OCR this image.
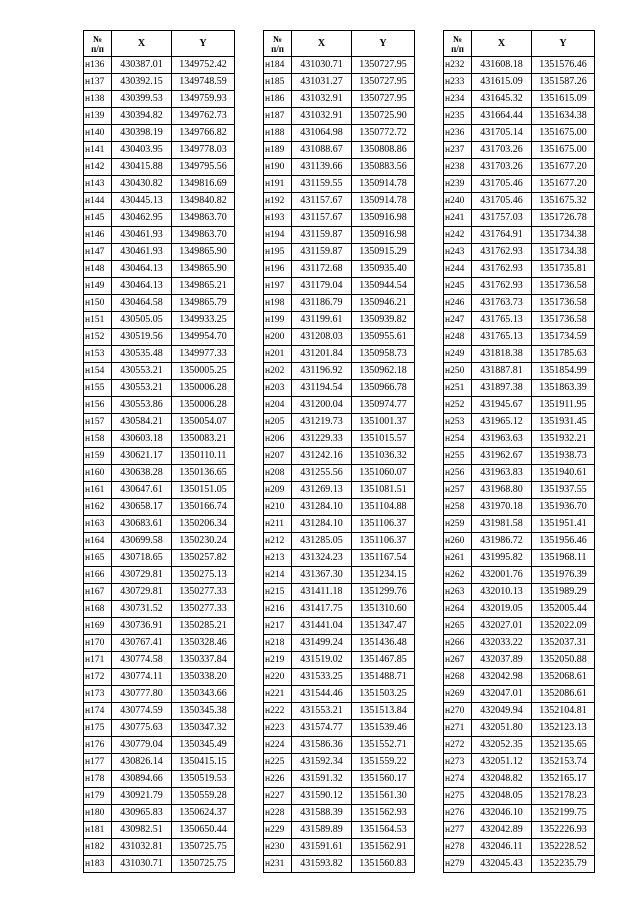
№
п/п	X	Y
н136	430387.01	1349752.42
н137	430392.15	1349748.59
н138	430399.53	1349759.93
н139	430394.82	1349762.73
н140	430398.19	1349766.82
н141	430403.95	1349778.03
н142	430415.88	1349795.56
н143	430430.82	1349816.69
н144	430445.13	1349840.82
н145	430462.95	1349863.70
н146	430461.93	1349863.70
н147	430461.93	1349865.90
н148	430464.13	1349865.90
н149	430464.13	1349865.21
н150	430464.58	1349865.79
н151	430505.05	1349933.25
н152	430519.56	1349954.70
н153	430535.48	1349977.33
н154	430553.21	1350005.25
н155	430553.21	1350006.28
н156	430553.86	1350006.28
н157	430584.21	1350054.07
н158	430603.18	1350083.21
н159	430621.17	1350110.11
н160	430638.28	1350136.65
н161	430647.61	1350151.05
н162	430658.17	1350166.74
н163	430683.61	1350206.34
н164	430699.58	1350230.24
н165	430718.65	1350257.82
н166	430729.81	1350275.13
н167	430729.81	1350277.33
н168	430731.52	1350277.33
н169	430736.91	1350285.21
н170	430767.41	1350328.46
н171	430774.58	1350337.84
н172	430774.11	1350338.20
н173	430777.80	1350343.66
н174	430774.59	1350345.38
н175	430775.63	1350347.32
н176	430779.04	1350345.49
н177	430826.14	1350415.15
н178	430894.66	1350519.53
н179	430921.79	1350559.28
н180	430965.83	1350624.37
н181	430982.51	1350650.44
н182	431032.81	1350725.75
н183	431030.71	1350725.75
№
п/п	X	Y
н184	431030.71	1350727.95
н185	431031.27	1350727.95
н186	431032.91	1350727.95
н187	431032.91	1350725.90
н188	431064.98	1350772.72
н189	431088.67	1350808.86
н190	431139.66	1350883.56
н191	431159.55	1350914.78
н192	431157.67	1350914.78
н193	431157.67	1350916.98
н194	431159.87	1350916.98
н195	431159.87	1350915.29
н196	431172.68	1350935.40
н197	431179.04	1350944.54
н198	431186.79	1350946.21
н199	431199.61	1350939.82
н200	431208.03	1350955.61
н201	431201.84	1350958.73
н202	431196.92	1350962.18
н203	431194.54	1350966.78
н204	431200.04	1350974.77
н205	431219.73	1351001.37
н206	431229.33	1351015.57
н207	431242.16	1351036.32
н208	431255.56	1351060.07
н209	431269.13	1351081.51
н210	431284.10	1351104.88
н211	431284.10	1351106.37
н212	431285.05	1351106.37
н213	431324.23	1351167.54
н214	431367.30	1351234.15
н215	431411.18	1351299.76
н216	431417.75	1351310.60
н217	431441.04	1351347.47
н218	431499.24	1351436.48
н219	431519.02	1351467.85
н220	431533.25	1351488.71
н221	431544.46	1351503.25
н222	431553.21	1351513.84
н223	431574.77	1351539.46
н224	431586.36	1351552.71
н225	431592.34	1351559.22
н226	431591.32	1351560.17
н227	431590.12	1351561.30
н228	431588.39	1351562.93
н229	431589.89	1351564.53
н230	431591.61	1351562.91
н231	431593.82	1351560.83
№
п/п	X	Y
н232	431608.18	1351576.46
н233	431615.09	1351587.26
н234	431645.32	1351615.09
н235	431664.44	1351634.38
н236	431705.14	1351675.00
н237	431703.26	1351675.00
н238	431703.26	1351677.20
н239	431705.46	1351677.20
н240	431705.46	1351675.32
н241	431757.03	1351726.78
н242	431764.91	1351734.38
н243	431762.93	1351734.38
н244	431762.93	1351735.81
н245	431762.93	1351736.58
н246	431763.73	1351736.58
н247	431765.13	1351736.58
н248	431765.13	1351734.59
н249	431818.38	1351785.63
н250	431887.81	1351854.99
н251	431897.38	1351863.39
н252	431945.67	1351911.95
н253	431965.12	1351931.45
н254	431963.63	1351932.21
н255	431962.67	1351938.73
н256	431963.83	1351940.61
н257	431968.80	1351937.55
н258	431970.18	1351936.70
н259	431981.58	1351951.41
н260	431986.72	1351956.46
н261	431995.82	1351968.11
н262	432001.76	1351976.39
н263	432010.13	1351989.29
н264	432019.05	1352005.44
н265	432027.01	1352022.09
н266	432033.22	1352037.31
н267	432037.89	1352050.88
н268	432042.98	1352068.61
н269	432047.01	1352086.61
н270	432049.94	1352104.81
н271	432051.80	1352123.13
н272	432052.35	1352135.65
н273	432051.12	1352153.74
н274	432048.82	1352165.17
н275	432048.05	1352178.23
н276	432046.10	1352199.75
н277	432042.89	1352226.93
н278	432046.11	1352228.52
н279	432045.43	1352235.79
